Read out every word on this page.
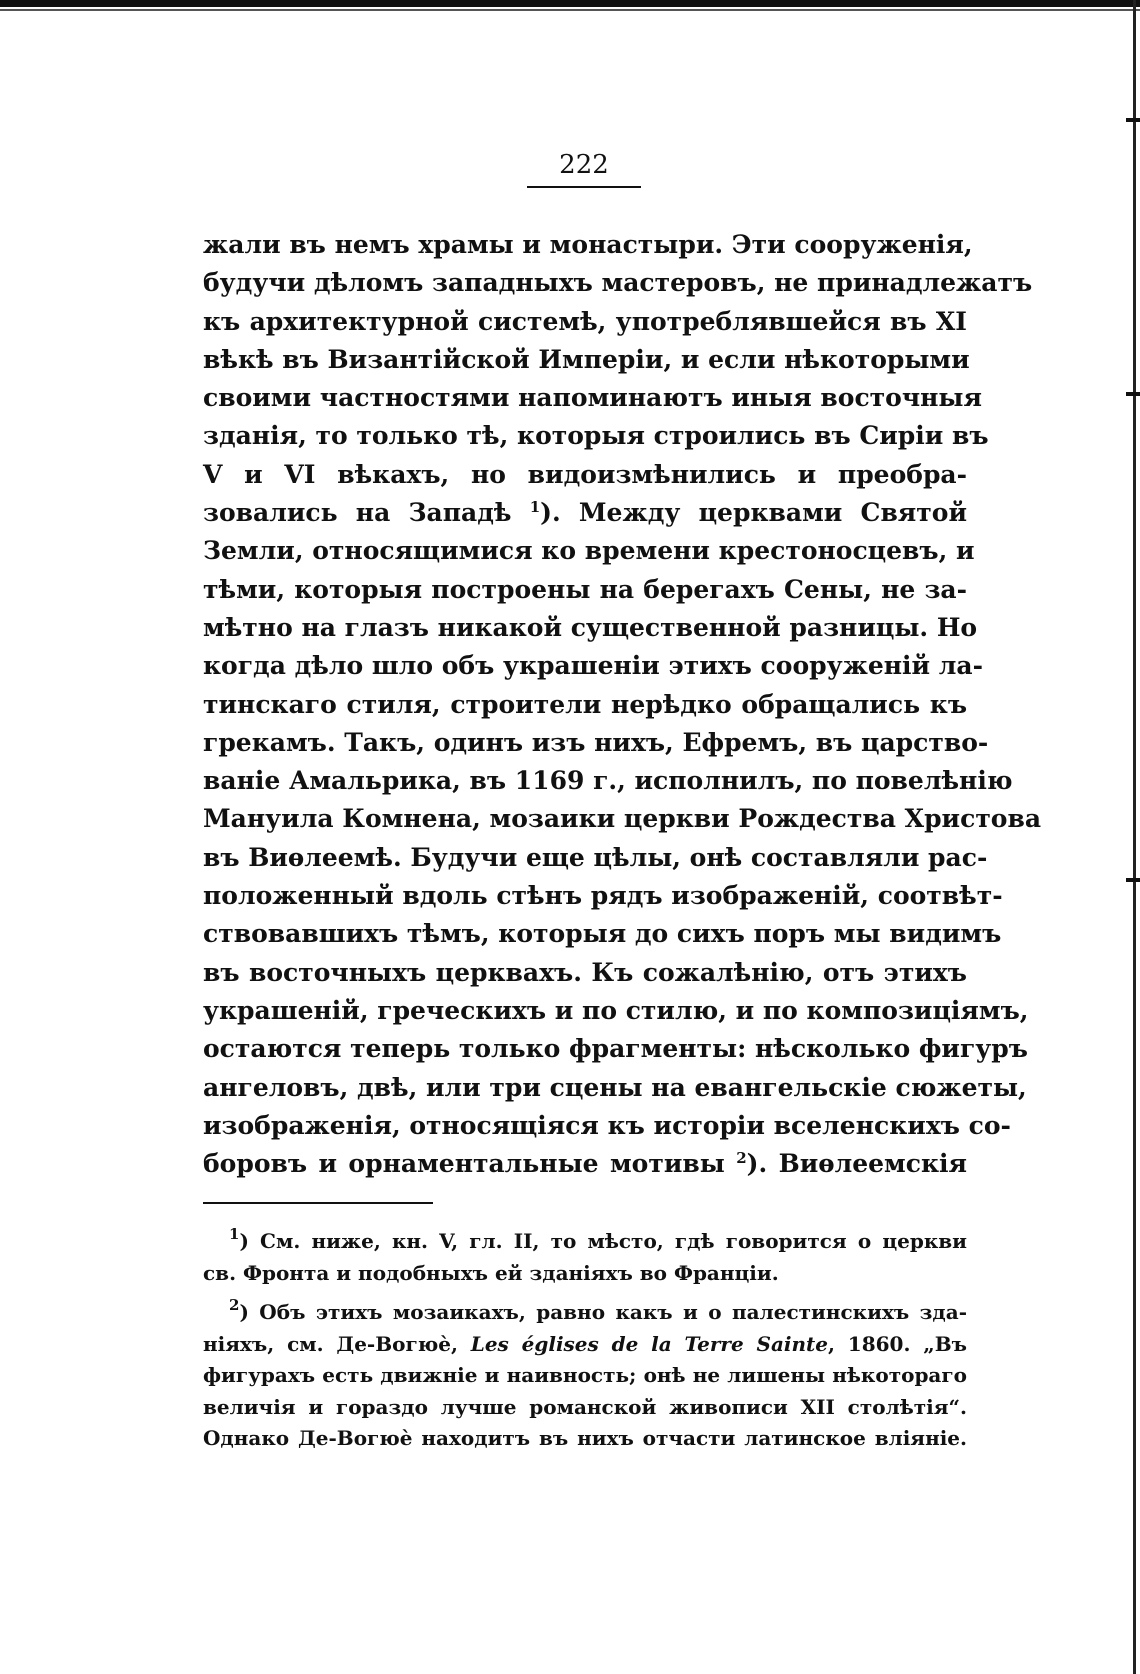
222
жали въ немъ храмы и монастыри. Эти сооруженія,
будучи дѣломъ западныхъ мастеровъ, не принадлежатъ
къ архитектурной системѣ, употреблявшейся въ XI
вѣкѣ въ Византійской Имперіи, и если нѣкоторыми
своими частностями напоминаютъ иныя восточныя
зданія, то только тѣ, которыя строились въ Сиріи въ
V и VI вѣкахъ, но видоизмѣнились и преобра-
зовались на Западѣ $^1$). Между церквами Святой
Земли, относящимися ко времени крестоносцевъ, и
тѣми, которыя построены на берегахъ Сены, не за-
мѣтно на глазъ никакой существенной разницы. Но
когда дѣло шло объ украшеніи этихъ сооруженій ла-
тинскаго стиля, строители нерѣдко обращались къ
грекамъ. Такъ, одинъ изъ нихъ, Ефремъ, въ царство-
ваніе Амальрика, въ 1169 г., исполнилъ, по повелѣнію
Мануила Комнена, мозаики церкви Рождества Христова
въ Виѳлеемѣ. Будучи еще цѣлы, онѣ составляли рас-
положенный вдоль стѣнъ рядъ изображеній, соотвѣт-
ствовавшихъ тѣмъ, которыя до сихъ поръ мы видимъ
въ восточныхъ церквахъ. Къ сожалѣнію, отъ этихъ
украшеній, греческихъ и по стилю, и по композиціямъ,
остаются теперь только фрагменты: нѣсколько фигуръ
ангеловъ, двѣ, или три сцены на евангельскіе сюжеты,
изображенія, относящіяся къ исторіи вселенскихъ со-
боровъ и орнаментальные мотивы $^2$). Виѳлеемскія
$^1$) См. ниже, кн. V, гл. II, то мѣсто, гдѣ говорится о церкви
св. Фронта и подобныхъ ей зданіяхъ во Франціи.
$^2$) Объ этихъ мозаикахъ, равно какъ и о палестинскихъ зда-
ніяхъ, см. Де-Вогюѐ, Les églises de la Terre Sainte, 1860. „Въ
фигурахъ есть движніе и наивность; онѣ не лишены нѣкотораго
величія и гораздо лучше романской живописи XII столѣтія“.
Однако Де-Вогюѐ находитъ въ нихъ отчасти латинское вліяніе.
